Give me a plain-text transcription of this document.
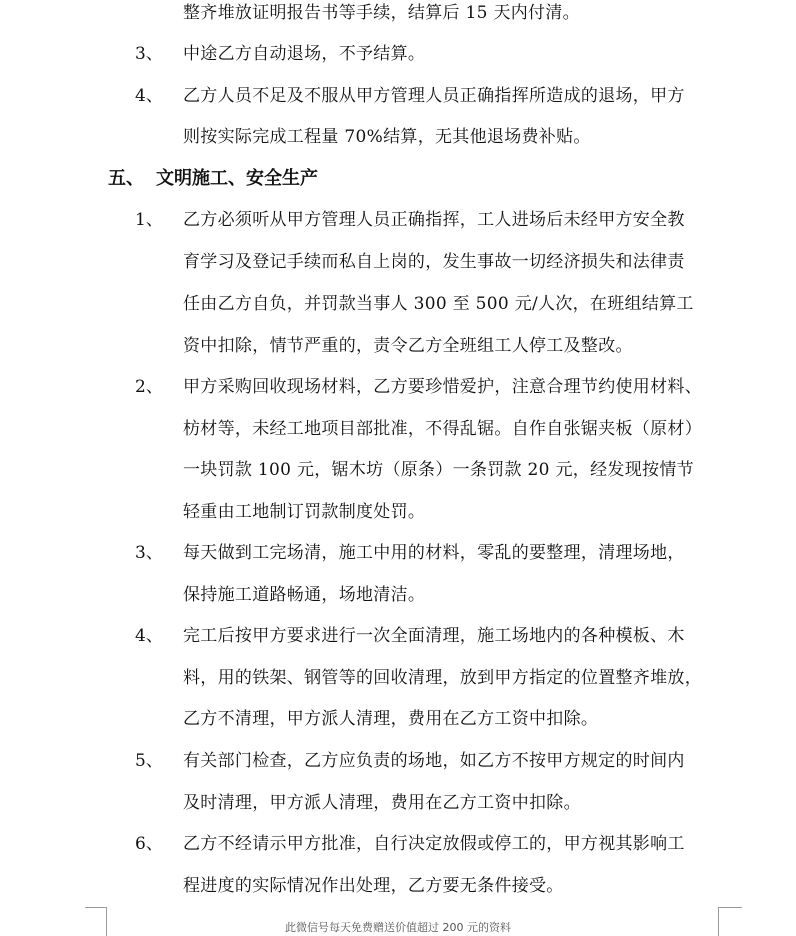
整齐堆放证明报告书等手续，结算后 15 天内付清。
3、 中途乙方自动退场，不予结算。
4、 乙方人员不足及不服从甲方管理人员正确指挥所造成的退场，甲方
则按实际完成工程量 70%结算，无其他退场费补贴。
五、 文明施工、安全生产
1、 乙方必须听从甲方管理人员正确指挥，工人进场后未经甲方安全教
育学习及登记手续而私自上岗的，发生事故一切经济损失和法律责
任由乙方自负，并罚款当事人 300 至 500 元/人次，在班组结算工
资中扣除，情节严重的，责令乙方全班组工人停工及整改。
2、 甲方采购回收现场材料，乙方要珍惜爱护，注意合理节约使用材料、
枋材等，未经工地项目部批准，不得乱锯。自作自张锯夹板（原材）
一块罚款 100 元，锯木坊（原条）一条罚款 20 元，经发现按情节
轻重由工地制订罚款制度处罚。
3、 每天做到工完场清，施工中用的材料，零乱的要整理，清理场地，
保持施工道路畅通，场地清洁。
4、 完工后按甲方要求进行一次全面清理，施工场地内的各种模板、木
料，用的铁架、钢管等的回收清理，放到甲方指定的位置整齐堆放，
乙方不清理，甲方派人清理，费用在乙方工资中扣除。
5、 有关部门检查，乙方应负责的场地，如乙方不按甲方规定的时间内
及时清理，甲方派人清理，费用在乙方工资中扣除。
6、 乙方不经请示甲方批准，自行决定放假或停工的，甲方视其影响工
程进度的实际情况作出处理，乙方要无条件接受。
此微信号每天免费赠送价值超过 200 元的资料
